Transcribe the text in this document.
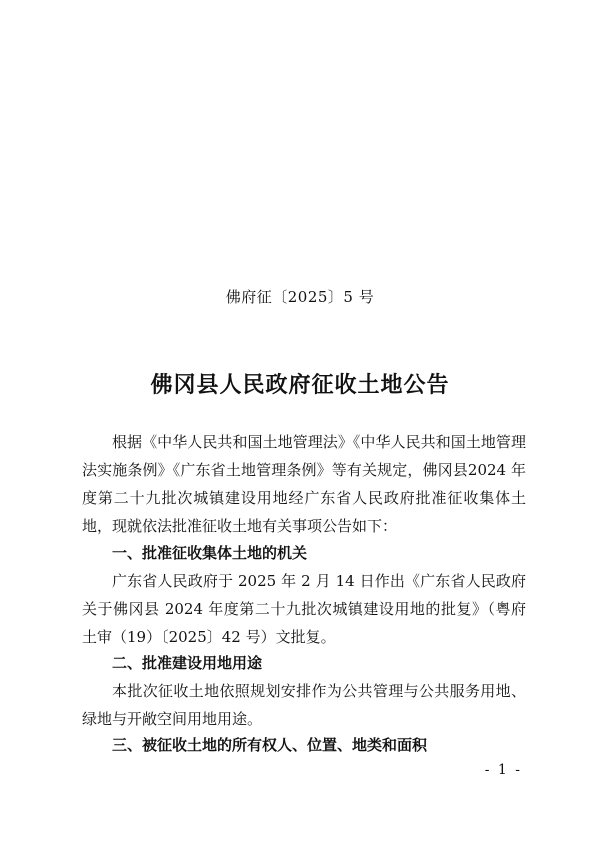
佛府征〔2025〕5 号
佛冈县人民政府征收土地公告

根据《中华人民共和国土地管理法》《中华人民共和国土地管理法实施条例》《广东省土地管理条例》等有关规定，佛冈县2024 年度第二十九批次城镇建设用地经广东省人民政府批准征收集体土地，现就依法批准征收土地有关事项公告如下：

一、批准征收集体土地的机关

广东省人民政府于 2025 年 2 月 14 日作出《广东省人民政府关于佛冈县 2024 年度第二十九批次城镇建设用地的批复》（粤府土审（19）〔2025〕42 号）文批复。

二、批准建设用地用途

本批次征收土地依照规划安排作为公共管理与公共服务用地、绿地与开敞空间用地用途。

三、被征收土地的所有权人、位置、地类和面积

- 1 -
